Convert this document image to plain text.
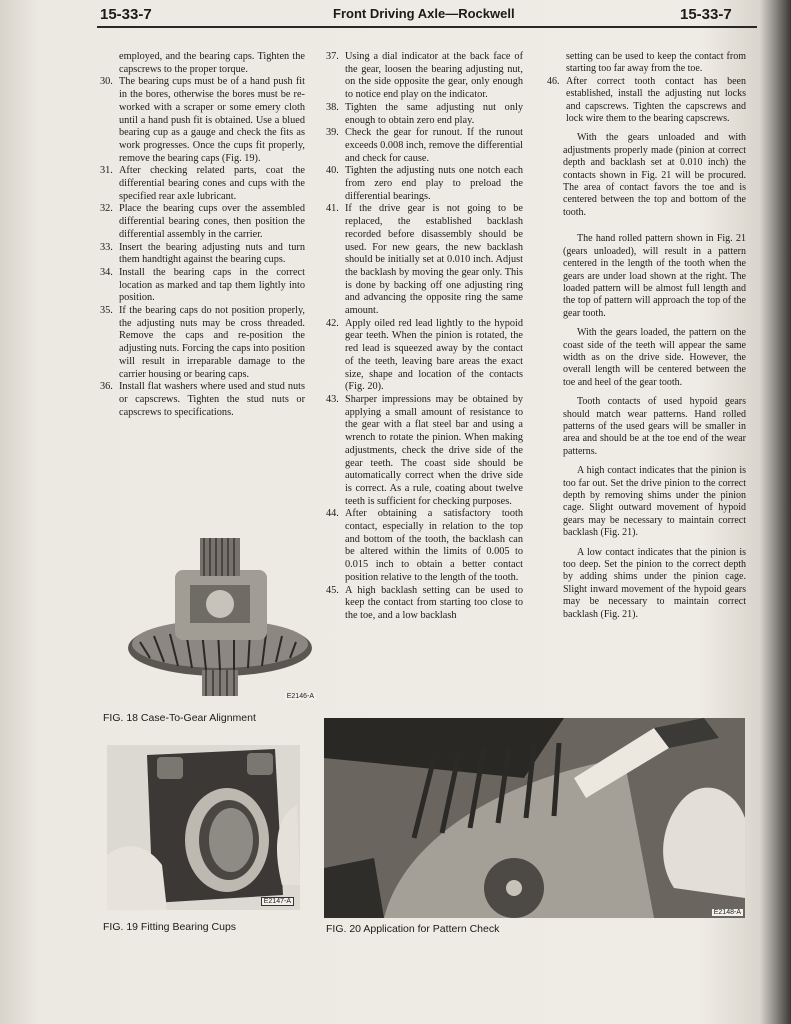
15-33-7	Front Driving Axle—Rockwell	15-33-7

employed, and the bearing caps. Tighten the capscrews to the proper torque.

30. The bearing cups must be of a hand push fit in the bores, otherwise the bores must be re-worked with a scraper or some emery cloth until a hand push fit is obtained. Use a blued bearing cup as a gauge and check the fits as work progresses. Once the cups fit properly, remove the bearing caps (Fig. 19).

31. After checking related parts, coat the differential bearing cones and cups with the specified rear axle lubricant.

32. Place the bearing cups over the assembled differential bearing cones, then position the differential assembly in the carrier.

33. Insert the bearing adjusting nuts and turn them handtight against the bearing cups.

34. Install the bearing caps in the correct location as marked and tap them lightly into position.

35. If the bearing caps do not position properly, the adjusting nuts may be cross threaded. Remove the caps and re-position the adjusting nuts. Forcing the caps into position will result in irreparable damage to the carrier housing or bearing caps.

36. Install flat washers where used and stud nuts or capscrews. Tighten the stud nuts or capscrews to specifications.

37. Using a dial indicator at the back face of the gear, loosen the bearing adjusting nut, on the side opposite the gear, only enough to notice end play on the indicator.

38. Tighten the same adjusting nut only enough to obtain zero end play.

39. Check the gear for runout. If the runout exceeds 0.008 inch, remove the differential and check for cause.

40. Tighten the adjusting nuts one notch each from zero end play to preload the differential bearings.

41. If the drive gear is not going to be replaced, the established backlash recorded before disassembly should be used. For new gears, the new backlash should be initially set at 0.010 inch. Adjust the backlash by moving the gear only. This is done by backing off one adjusting ring and advancing the opposite ring the same amount.

42. Apply oiled red lead lightly to the hypoid gear teeth. When the pinion is rotated, the red lead is squeezed away by the contact of the teeth, leaving bare areas the exact size, shape and location of the contacts (Fig. 20).

43. Sharper impressions may be obtained by applying a small amount of resistance to the gear with a flat steel bar and using a wrench to rotate the pinion. When making adjustments, check the drive side of the gear teeth. The coast side should be automatically correct when the drive side is correct. As a rule, coating about twelve teeth is sufficient for checking purposes.

44. After obtaining a satisfactory tooth contact, especially in relation to the top and bottom of the tooth, the backlash can be altered within the limits of 0.005 to 0.015 inch to obtain a better contact position relative to the length of the tooth.

45. A high backlash setting can be used to keep the contact from starting too close to the toe, and a low backlash

setting can be used to keep the contact from starting too far away from the toe.

46. After correct tooth contact has been established, install the adjusting nut locks and capscrews. Tighten the capscrews and lock wire them to the bearing capscrews.

With the gears unloaded and with adjustments properly made (pinion at correct depth and backlash set at 0.010 inch) the contacts shown in Fig. 21 will be procured. The area of contact favors the toe and is centered between the top and bottom of the tooth.

The hand rolled pattern shown in Fig. 21 (gears unloaded), will result in a pattern centered in the length of the tooth when the gears are under load shown at the right. The loaded pattern will be almost full length and the top of pattern will approach the top of the gear tooth.

With the gears loaded, the pattern on the coast side of the teeth will appear the same width as on the drive side. However, the overall length will be centered between the toe and heel of the gear tooth.

Tooth contacts of used hypoid gears should match wear patterns. Hand rolled patterns of the used gears will be smaller in area and should be at the toe end of the wear patterns.

A high contact indicates that the pinion is too far out. Set the drive pinion to the correct depth by removing shims under the pinion cage. Slight outward movement of hypoid gears may be necessary to maintain correct backlash (Fig. 21).

A low contact indicates that the pinion is too deep. Set the pinion to the correct depth by adding shims under the pinion cage. Slight inward movement of the hypoid gears may be necessary to maintain correct backlash (Fig. 21).

E2146-A
FIG. 18 Case-To-Gear Alignment
E2147-A
FIG. 19 Fitting Bearing Cups
E2148-A
FIG. 20 Application for Pattern Check
